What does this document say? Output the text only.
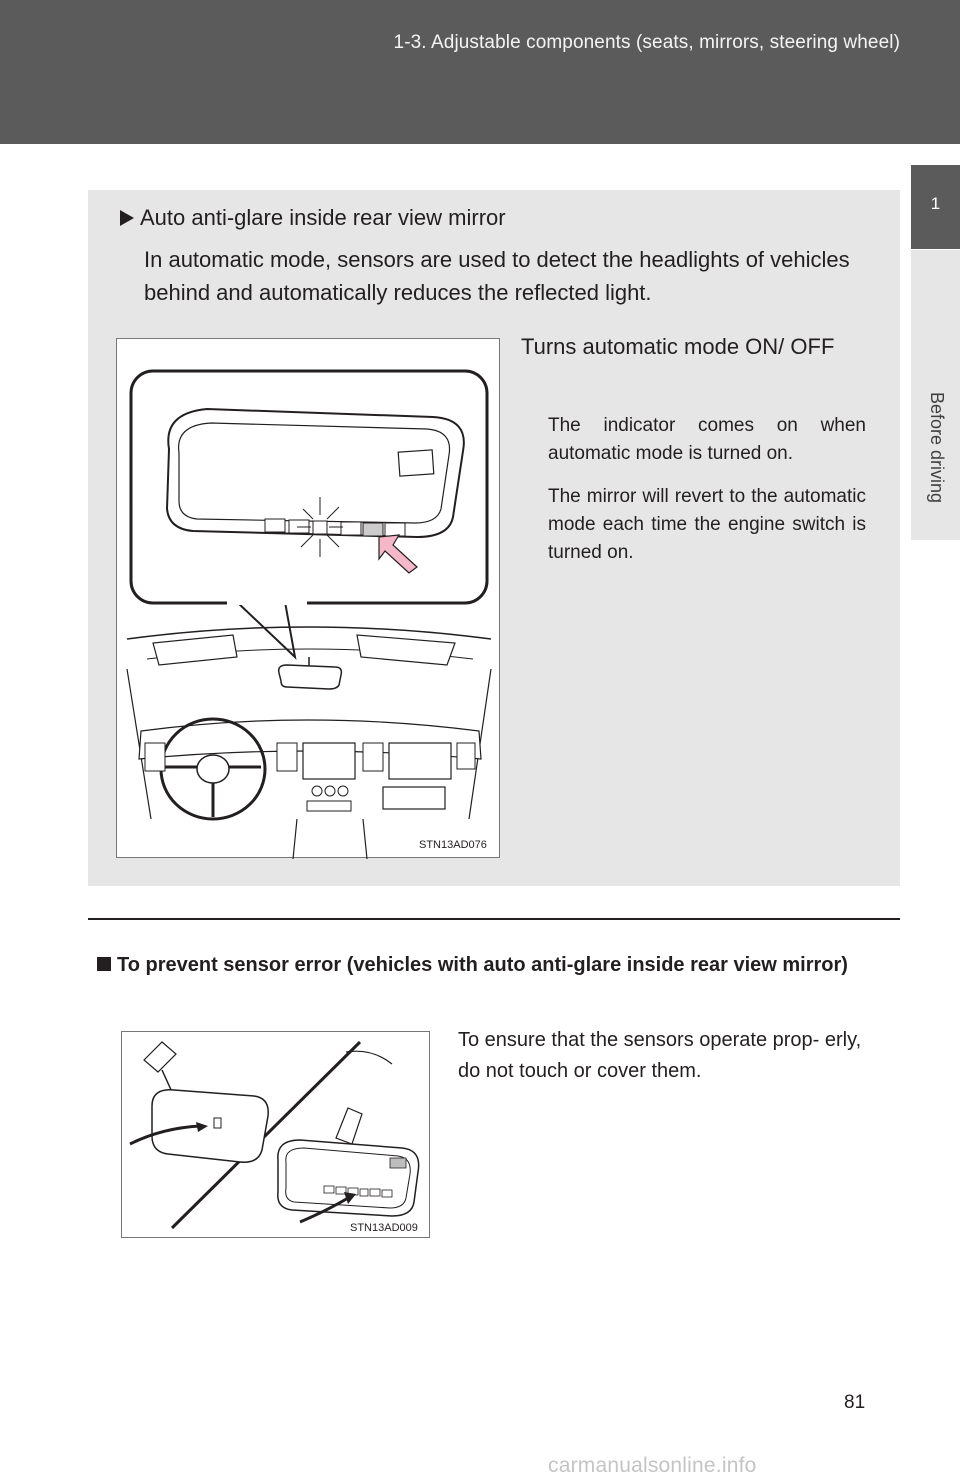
1-3. Adjustable components (seats, mirrors, steering wheel)
1
Before driving
Auto anti-glare inside rear view mirror
In automatic mode, sensors are used to detect the headlights of vehicles behind and automatically reduces the reflected light.
STN13AD076
Turns automatic mode ON/ OFF
The indicator comes on when automatic mode is turned on.
The mirror will revert to the automatic mode each time the engine switch is turned on.
To prevent sensor error (vehicles with auto anti-glare inside rear view mirror)
STN13AD009
To ensure that the sensors operate prop- erly, do not touch or cover them.
81
carmanualsonline.info
